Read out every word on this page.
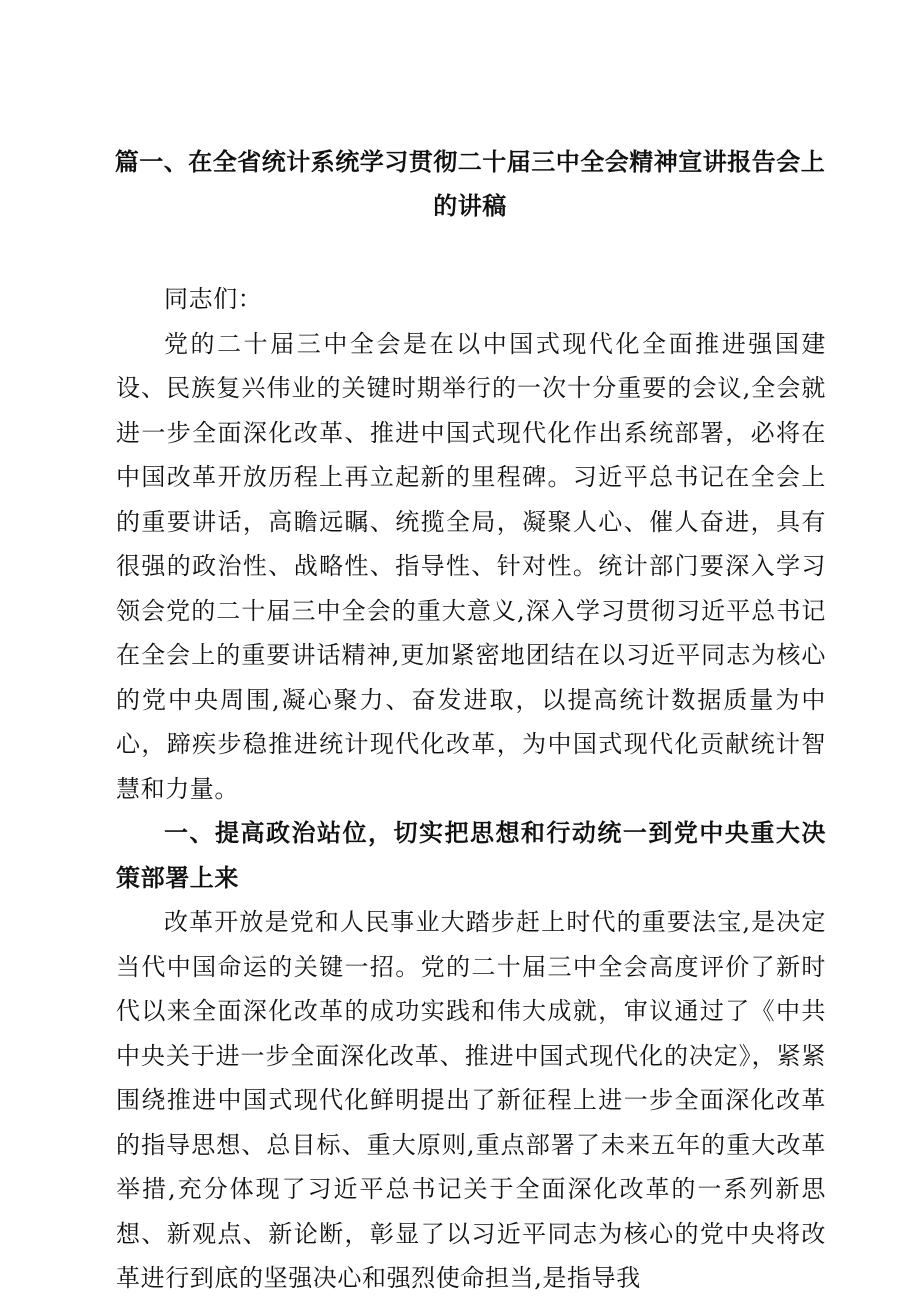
篇一、在全省统计系统学习贯彻二十届三中全会精神宣讲报告会上的讲稿

同志们：

党的二十届三中全会是在以中国式现代化全面推进强国建设、民族复兴伟业的关键时期举行的一次十分重要的会议,全会就进一步全面深化改革、推进中国式现代化作出系统部署，必将在中国改革开放历程上再立起新的里程碑。习近平总书记在全会上的重要讲话，高瞻远瞩、统揽全局，凝聚人心、催人奋进，具有很强的政治性、战略性、指导性、针对性。统计部门要深入学习领会党的二十届三中全会的重大意义,深入学习贯彻习近平总书记在全会上的重要讲话精神,更加紧密地团结在以习近平同志为核心的党中央周围,凝心聚力、奋发进取，以提高统计数据质量为中心，蹄疾步稳推进统计现代化改革，为中国式现代化贡献统计智慧和力量。

一、提高政治站位，切实把思想和行动统一到党中央重大决策部署上来

改革开放是党和人民事业大踏步赶上时代的重要法宝,是决定当代中国命运的关键一招。党的二十届三中全会高度评价了新时代以来全面深化改革的成功实践和伟大成就，审议通过了《中共中央关于进一步全面深化改革、推进中国式现代化的决定》，紧紧围绕推进中国式现代化鲜明提出了新征程上进一步全面深化改革的指导思想、总目标、重大原则,重点部署了未来五年的重大改革举措,充分体现了习近平总书记关于全面深化改革的一系列新思想、新观点、新论断，彰显了以习近平同志为核心的党中央将改革进行到底的坚强决心和强烈使命担当,是指导我
